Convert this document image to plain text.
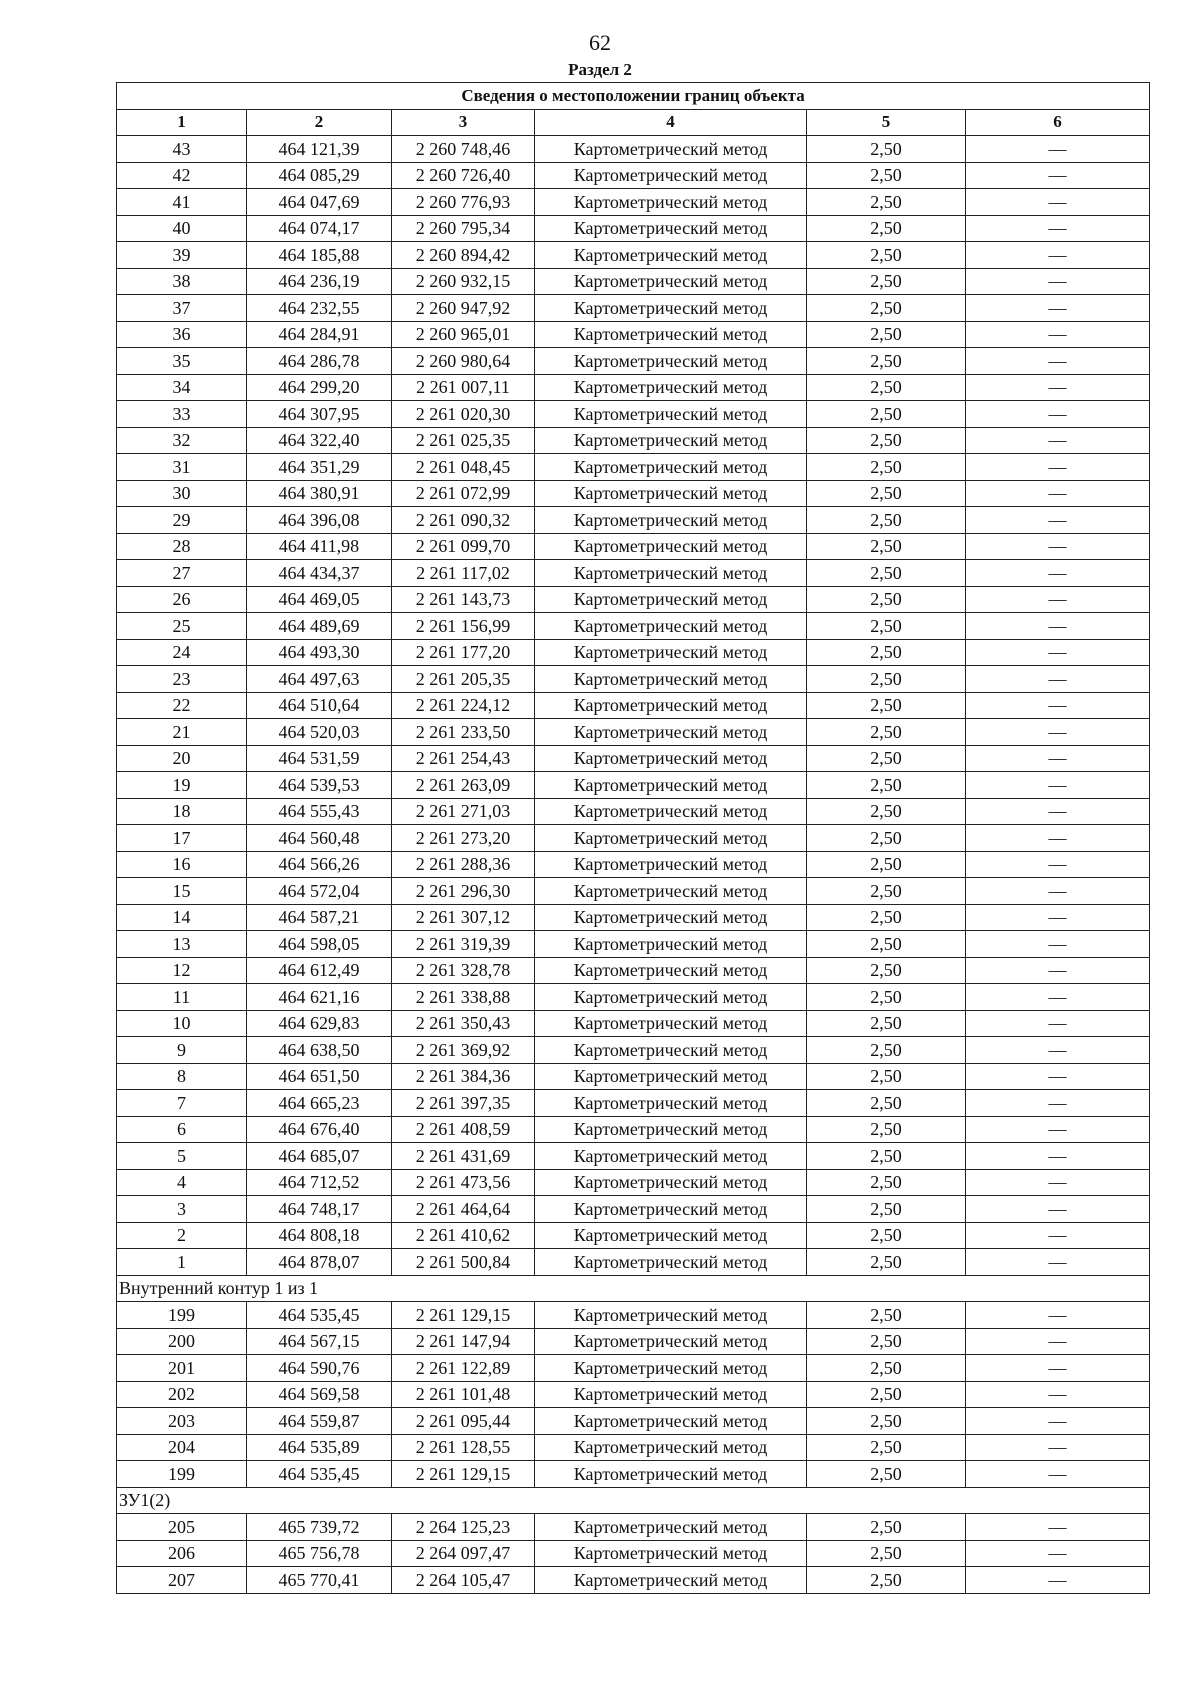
62
Раздел 2
Сведения о местоположении границ объекта					
1	2	3	4	5	6
43	464 121,39	2 260 748,46	Картометрический метод	2,50	—
42	464 085,29	2 260 726,40	Картометрический метод	2,50	—
41	464 047,69	2 260 776,93	Картометрический метод	2,50	—
40	464 074,17	2 260 795,34	Картометрический метод	2,50	—
39	464 185,88	2 260 894,42	Картометрический метод	2,50	—
38	464 236,19	2 260 932,15	Картометрический метод	2,50	—
37	464 232,55	2 260 947,92	Картометрический метод	2,50	—
36	464 284,91	2 260 965,01	Картометрический метод	2,50	—
35	464 286,78	2 260 980,64	Картометрический метод	2,50	—
34	464 299,20	2 261 007,11	Картометрический метод	2,50	—
33	464 307,95	2 261 020,30	Картометрический метод	2,50	—
32	464 322,40	2 261 025,35	Картометрический метод	2,50	—
31	464 351,29	2 261 048,45	Картометрический метод	2,50	—
30	464 380,91	2 261 072,99	Картометрический метод	2,50	—
29	464 396,08	2 261 090,32	Картометрический метод	2,50	—
28	464 411,98	2 261 099,70	Картометрический метод	2,50	—
27	464 434,37	2 261 117,02	Картометрический метод	2,50	—
26	464 469,05	2 261 143,73	Картометрический метод	2,50	—
25	464 489,69	2 261 156,99	Картометрический метод	2,50	—
24	464 493,30	2 261 177,20	Картометрический метод	2,50	—
23	464 497,63	2 261 205,35	Картометрический метод	2,50	—
22	464 510,64	2 261 224,12	Картометрический метод	2,50	—
21	464 520,03	2 261 233,50	Картометрический метод	2,50	—
20	464 531,59	2 261 254,43	Картометрический метод	2,50	—
19	464 539,53	2 261 263,09	Картометрический метод	2,50	—
18	464 555,43	2 261 271,03	Картометрический метод	2,50	—
17	464 560,48	2 261 273,20	Картометрический метод	2,50	—
16	464 566,26	2 261 288,36	Картометрический метод	2,50	—
15	464 572,04	2 261 296,30	Картометрический метод	2,50	—
14	464 587,21	2 261 307,12	Картометрический метод	2,50	—
13	464 598,05	2 261 319,39	Картометрический метод	2,50	—
12	464 612,49	2 261 328,78	Картометрический метод	2,50	—
11	464 621,16	2 261 338,88	Картометрический метод	2,50	—
10	464 629,83	2 261 350,43	Картометрический метод	2,50	—
9	464 638,50	2 261 369,92	Картометрический метод	2,50	—
8	464 651,50	2 261 384,36	Картометрический метод	2,50	—
7	464 665,23	2 261 397,35	Картометрический метод	2,50	—
6	464 676,40	2 261 408,59	Картометрический метод	2,50	—
5	464 685,07	2 261 431,69	Картометрический метод	2,50	—
4	464 712,52	2 261 473,56	Картометрический метод	2,50	—
3	464 748,17	2 261 464,64	Картометрический метод	2,50	—
2	464 808,18	2 261 410,62	Картометрический метод	2,50	—
1	464 878,07	2 261 500,84	Картометрический метод	2,50	—
Внутренний контур 1 из 1					
199	464 535,45	2 261 129,15	Картометрический метод	2,50	—
200	464 567,15	2 261 147,94	Картометрический метод	2,50	—
201	464 590,76	2 261 122,89	Картометрический метод	2,50	—
202	464 569,58	2 261 101,48	Картометрический метод	2,50	—
203	464 559,87	2 261 095,44	Картометрический метод	2,50	—
204	464 535,89	2 261 128,55	Картометрический метод	2,50	—
199	464 535,45	2 261 129,15	Картометрический метод	2,50	—
ЗУ1(2)					
205	465 739,72	2 264 125,23	Картометрический метод	2,50	—
206	465 756,78	2 264 097,47	Картометрический метод	2,50	—
207	465 770,41	2 264 105,47	Картометрический метод	2,50	—
